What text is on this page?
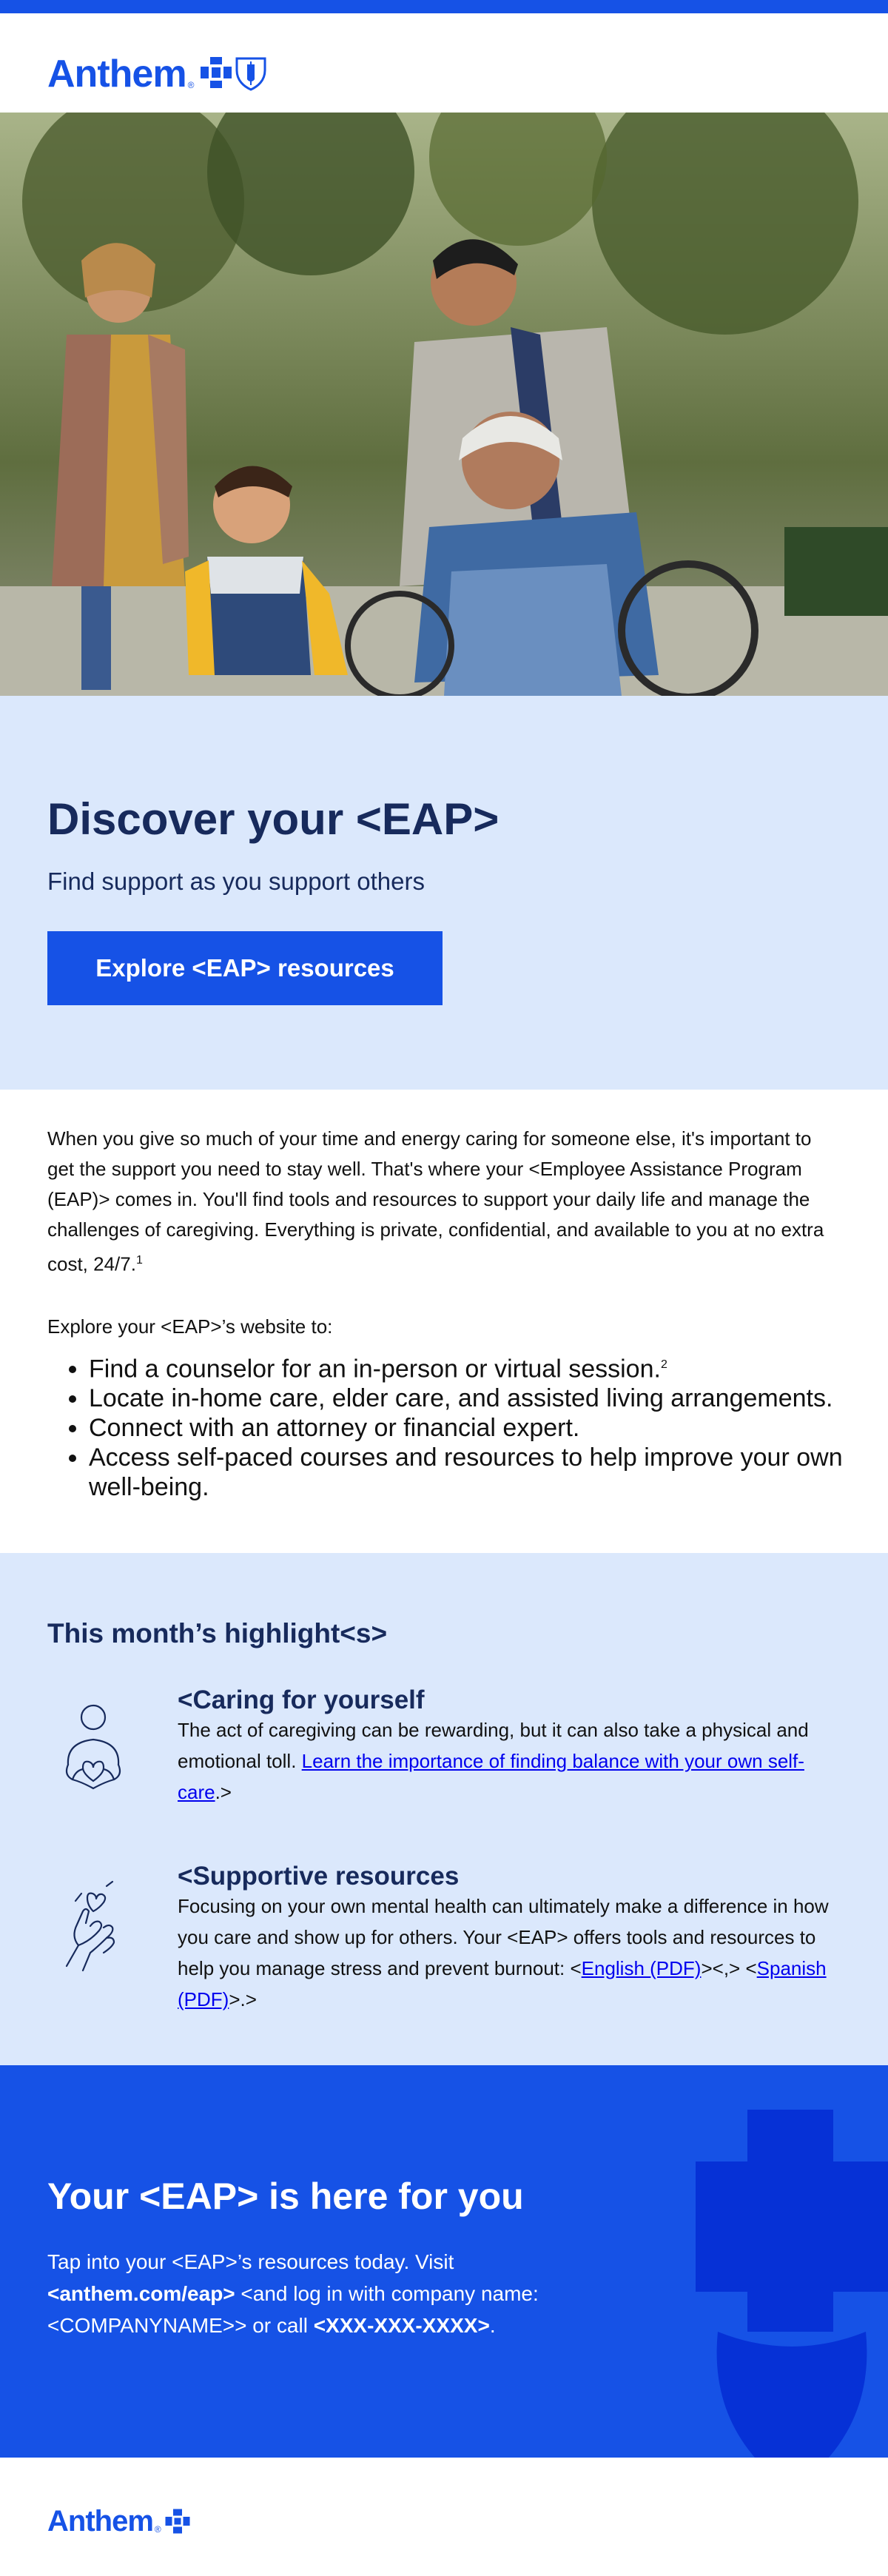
Anthem ®
Discover your <EAP>
Find support as you support others
Explore <EAP> resources

When you give so much of your time and energy caring for someone else, it's important to get the support you need to stay well. That's where your <Employee Assistance Program (EAP)> comes in. You'll find tools and resources to support your daily life and manage the challenges of caregiving. Everything is private, confidential, and available to you at no extra cost, 24/7.$^1$

Explore your <EAP>’s website to:

• Find a counselor for an in-person or virtual session.$^2$
• Locate in-home care, elder care, and assisted living arrangements.
• Connect with an attorney or financial expert.
• Access self-paced courses and resources to help improve your own well-being.
This month’s highlight<s>
<Caring for yourself
The act of caregiving can be rewarding, but it can also take a physical and emotional toll. Learn the importance of finding balance with your own self-care.>
<Supportive resources
Focusing on your own mental health can ultimately make a difference in how you care and show up for others. Your <EAP> offers tools and resources to help you manage stress and prevent burnout: <English (PDF)><,> <Spanish (PDF)>.>
Your <EAP> is here for you

Tap into your <EAP>’s resources today. Visit <anthem.com/eap> <and log in with company name: <COMPANYNAME>> or call <XXX-XXX-XXXX>.

Anthem ®
